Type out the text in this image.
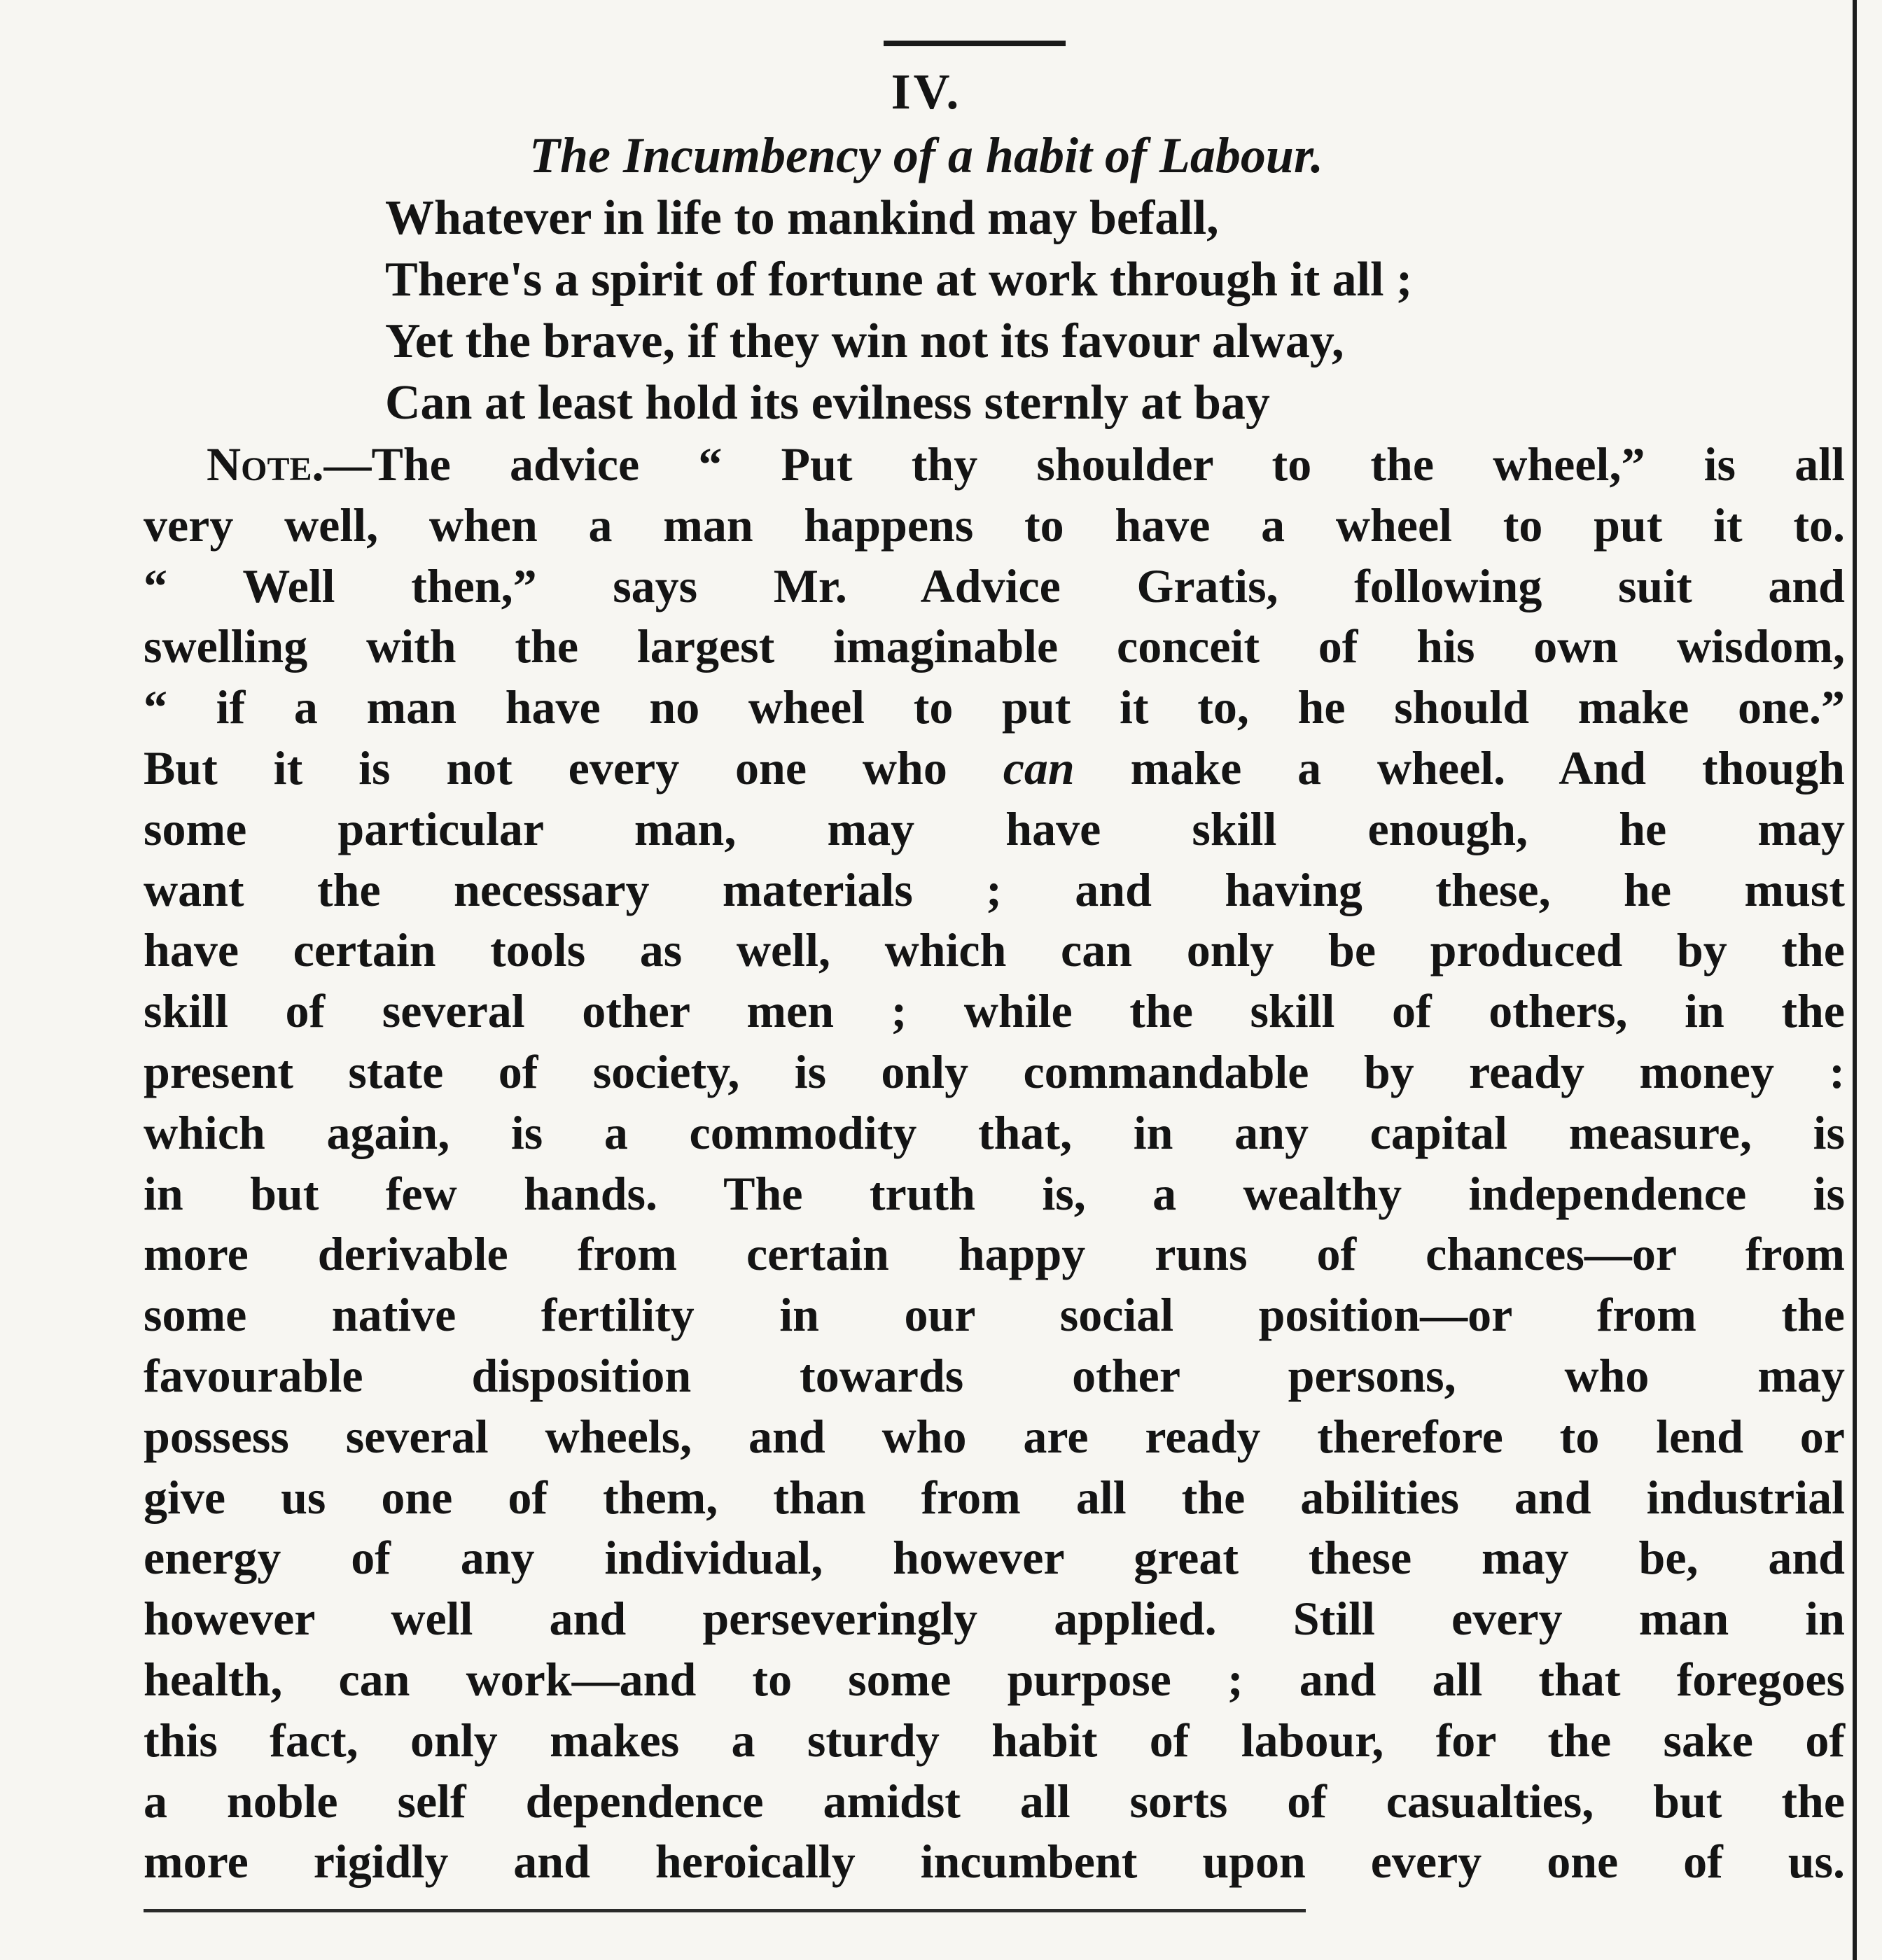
IV.
The Incumbency of a habit of Labour.
Whatever in life to mankind may befall,
There's a spirit of fortune at work through it all ;
Yet the brave, if they win not its favour alway,
Can at least hold its evilness sternly at bay
Note.—The advice “ Put thy shoulder to the wheel,” is all
very well, when a man happens to have a wheel to put it to.
“ Well then,” says Mr. Advice Gratis, following suit and
swelling with the largest imaginable conceit of his own wisdom,
“ if a man have no wheel to put it to, he should make one.”
But it is not every one who can make a wheel. And though
some particular man, may have skill enough, he may
want the necessary materials ; and having these, he must
have certain tools as well, which can only be produced by the
skill of several other men ; while the skill of others, in the
present state of society, is only commandable by ready money :
which again, is a commodity that, in any capital measure, is
in but few hands. The truth is, a wealthy independence is
more derivable from certain happy runs of chances—or from
some native fertility in our social position—or from the
favourable disposition towards other persons, who may
possess several wheels, and who are ready therefore to lend or
give us one of them, than from all the abilities and industrial
energy of any individual, however great these may be, and
however well and perseveringly applied. Still every man in
health, can work—and to some purpose ; and all that foregoes
this fact, only makes a sturdy habit of labour, for the sake of
a noble self dependence amidst all sorts of casualties, but the
more rigidly and heroically incumbent upon every one of us.
